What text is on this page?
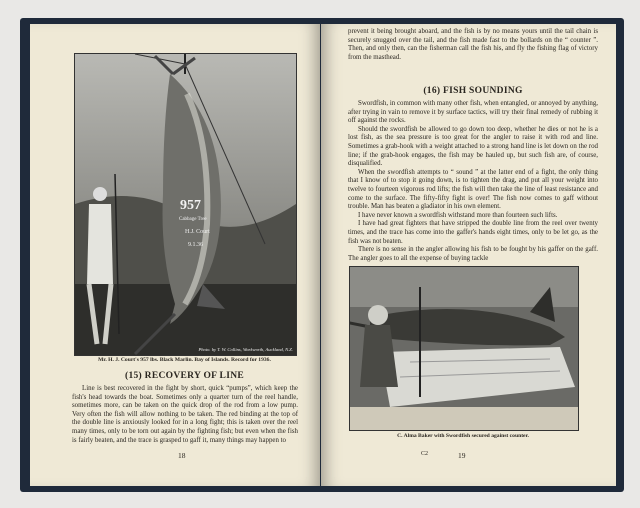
957
Cabbage Tree
H.J. Court
9.1.36
Photo. by T. W. Collins, Warkworth, Auckland, N.Z.
Mr. H. J. Court's 957 lbs. Black Marlin. Bay of Islands. Record for 1936.
(15) RECOVERY OF LINE

Line is best recovered in the fight by short, quick “pumps”, which keep the fish's head towards the boat. Sometimes only a quarter turn of the reel handle, sometimes more, can be taken on the quick drop of the rod from a low pump. Very often the fish will allow nothing to be taken. The red binding at the top of the double line is anxiously looked for in a long fight; this is taken over the reel many times, only to be torn out again by the fighting fish; but even when the fish is fairly beaten, and the trace is grasped to gaff it, many things may happen to

18

prevent it being brought aboard, and the fish is by no means yours until the tail chain is securely snugged over the tail, and the fish made fast to the bollards on the “ counter ”. Then, and only then, can the fisherman call the fish his, and fly the fishing flag of victory from the masthead.

(16) FISH SOUNDING

Swordfish, in common with many other fish, when entangled, or annoyed by anything, after trying in vain to remove it by surface tactics, will try their final remedy of rubbing it off against the rocks.

Should the swordfish be allowed to go down too deep, whether he dies or not he is a lost fish, as the sea pressure is too great for the angler to raise it with rod and line. Sometimes a grab-hook with a weight attached to a strong hand line is let down on the rod line; if the grab-hook engages, the fish may be hauled up, but such fish are, of course, disqualified.

When the swordfish attempts to “ sound ” at the latter end of a fight, the only thing that I know of to stop it going down, is to tighten the drag, and put all your weight into twelve to fourteen vigorous rod lifts; the fish will then take the line of least resistance and come to the surface. The fifty-fifty fight is over! The fish now comes to gaff without trouble. Man has beaten a gladiator in his own element.

I have never known a swordfish withstand more than fourteen such lifts.

I have had great fighters that have stripped the double line from the reel over twenty times, and the trace has come into the gaffer's hands eight times, only to be let go, as the fish was not beaten.

There is no sense in the angler allowing his fish to be fought by his gaffer on the gaff. The angler goes to all the expense of buying tackle

C. Alma Baker with Swordfish secured against counter.
C2	19
